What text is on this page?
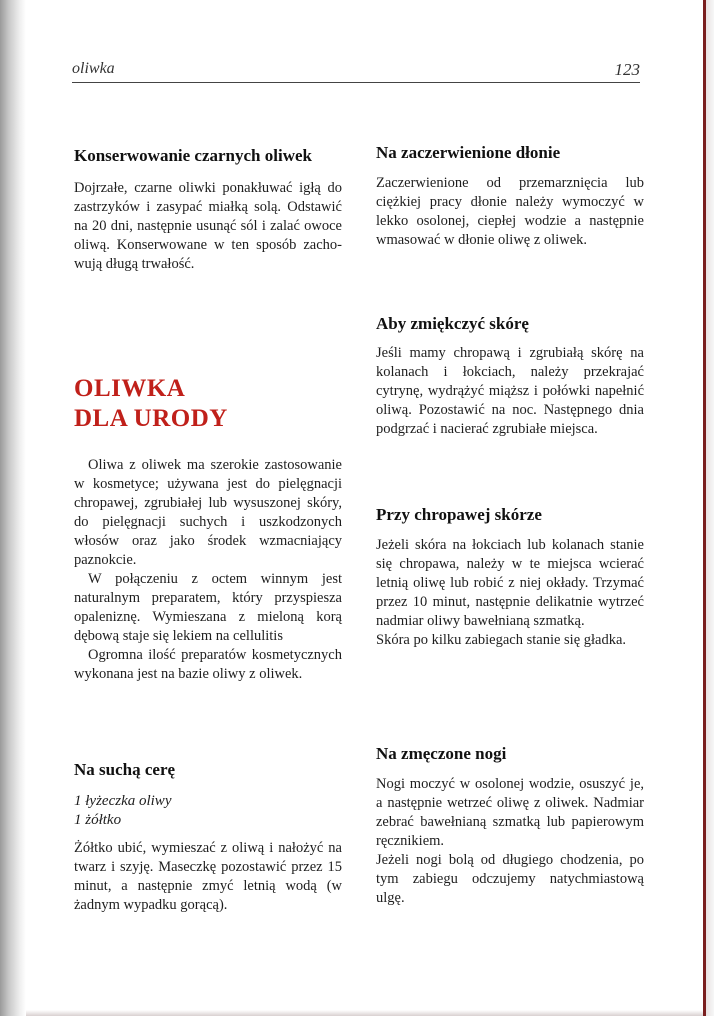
oliwka	123
Konserwowanie czarnych oliwek

Dojrzałe, czarne oliwki ponakłuwać igłą do zastrzyków i zasypać miałką solą. Odstawić na 20 dni, następnie usunąć sól i zalać owoce oliwą. Konserwowane w ten sposób zachowują długą trwałość.

OLIWKA
DLA URODY

Oliwa z oliwek ma szerokie zastosowanie w kosmetyce; używana jest do pielęgnacji chropawej, zgrubiałej lub wysuszonej skóry, do pielęgnacji suchych i uszkodzonych włosów oraz jako środek wzmacniający paznokcie.

W połączeniu z octem winnym jest naturalnym preparatem, który przyspiesza opaleniznę. Wymieszana z mieloną korą dębową staje się lekiem na cellulitis

Ogromna ilość preparatów kosmetycznych wykonana jest na bazie oliwy z oliwek.

Na suchą cerę
1 łyżeczka oliwy
1 żółtko

Żółtko ubić, wymieszać z oliwą i nałożyć na twarz i szyję. Maseczkę pozostawić przez 15 minut, a następnie zmyć letnią wodą (w żadnym wypadku gorącą).

Na zaczerwienione dłonie

Zaczerwienione od przemarznięcia lub ciężkiej pracy dłonie należy wymoczyć w lekko osolonej, ciepłej wodzie a następnie wmasować w dłonie oliwę z oliwek.

Aby zmiękczyć skórę

Jeśli mamy chropawą i zgrubiałą skórę na kolanach i łokciach, należy przekrajać cytrynę, wydrążyć miąższ i połówki napełnić oliwą. Pozostawić na noc. Następnego dnia podgrzać i nacierać zgrubiałe miejsca.

Przy chropawej skórze

Jeżeli skóra na łokciach lub kolanach stanie się chropawa, należy w te miejsca wcierać letnią oliwę lub robić z niej okłady. Trzymać przez 10 minut, następnie delikatnie wytrzeć nadmiar oliwy bawełnianą szmatką.

Skóra po kilku zabiegach stanie się gładka.

Na zmęczone nogi

Nogi moczyć w osolonej wodzie, osuszyć je, a następnie wetrzeć oliwę z oliwek. Nadmiar zebrać bawełnianą szmatką lub papierowym ręcznikiem.

Jeżeli nogi bolą od długiego chodzenia, po tym zabiegu odczujemy natychmiastową ulgę.
